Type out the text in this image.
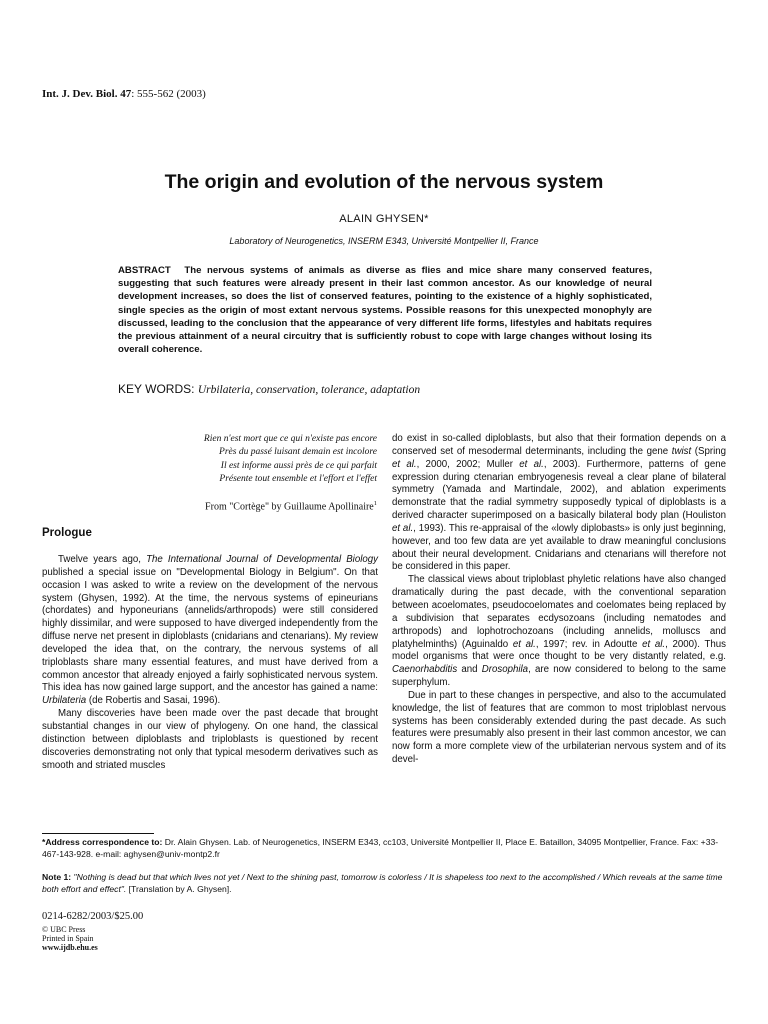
Int. J. Dev. Biol. 47: 555-562 (2003)
The origin and evolution of the nervous system
ALAIN GHYSEN*
Laboratory of Neurogenetics, INSERM E343, Université Montpellier II, France
ABSTRACT The nervous systems of animals as diverse as flies and mice share many conserved features, suggesting that such features were already present in their last common ancestor. As our knowledge of neural development increases, so does the list of conserved features, pointing to the existence of a highly sophisticated, single species as the origin of most extant nervous systems. Possible reasons for this unexpected monophyly are discussed, leading to the conclusion that the appearance of very different life forms, lifestyles and habitats requires the previous attainment of a neural circuitry that is sufficiently robust to cope with large changes without losing its overall coherence.
KEY WORDS: Urbilateria, conservation, tolerance, adaptation
Rien n'est mort que ce qui n'existe pas encore
Près du passé luisant demain est incolore
Il est informe aussi près de ce qui parfait
Présente tout ensemble et l'effort et l'effet
From "Cortège" by Guillaume Apollinaire$^1$
Prologue

Twelve years ago, The International Journal of Developmental Biology published a special issue on "Developmental Biology in Belgium". On that occasion I was asked to write a review on the development of the nervous system (Ghysen, 1992). At the time, the nervous systems of epineurians (chordates) and hyponeurians (annelids/arthropods) were still considered highly dissimilar, and were supposed to have diverged independently from the diffuse nerve net present in diploblasts (cnidarians and ctenarians). My review developed the idea that, on the contrary, the nervous systems of all triploblasts share many essential features, and must have derived from a common ancestor that already enjoyed a fairly sophisticated nervous system. This idea has now gained large support, and the ancestor has gained a name: Urbilateria (de Robertis and Sasai, 1996).

Many discoveries have been made over the past decade that brought substantial changes in our view of phylogeny. On one hand, the classical distinction between diploblasts and triploblasts is questioned by recent discoveries demonstrating not only that typical mesoderm derivatives such as smooth and striated muscles

do exist in so-called diploblasts, but also that their formation depends on a conserved set of mesodermal determinants, including the gene twist (Spring et al., 2000, 2002; Muller et al., 2003). Furthermore, patterns of gene expression during ctenarian embryogenesis reveal a clear plane of bilateral symmetry (Yamada and Martindale, 2002), and ablation experiments demonstrate that the radial symmetry supposedly typical of diploblasts is a derived character superimposed on a basically bilateral body plan (Houliston et al., 1993). This re-appraisal of the «lowly diplobasts» is only just beginning, however, and too few data are yet available to draw meaningful conclusions about their neural development. Cnidarians and ctenarians will therefore not be considered in this paper.

The classical views about triploblast phyletic relations have also changed dramatically during the past decade, with the conventional separation between acoelomates, pseudocoelomates and coelomates being replaced by a subdivision that separates ecdysozoans (including nematodes and arthropods) and lophotrochozoans (including annelids, molluscs and platyhelminths) (Aguinaldo et al., 1997; rev. in Adoutte et al., 2000). Thus model organisms that were once thought to be very distantly related, e.g. Caenorhabditis and Drosophila, are now considered to belong to the same superphylum.

Due in part to these changes in perspective, and also to the accumulated knowledge, the list of features that are common to most triploblast nervous systems has been considerably extended during the past decade. As such features were presumably also present in their last common ancestor, we can now form a more complete view of the urbilaterian nervous system and of its devel-

*Address correspondence to: Dr. Alain Ghysen. Lab. of Neurogenetics, INSERM E343, cc103, Université Montpellier II, Place E. Bataillon, 34095 Montpellier, France. Fax: +33-467-143-928. e-mail: aghysen@univ-montp2.fr
Note 1: "Nothing is dead but that which lives not yet / Next to the shining past, tomorrow is colorless / It is shapeless too next to the accomplished / Which reveals at the same time both effort and effect". [Translation by A. Ghysen].
0214-6282/2003/$25.00
© UBC Press
Printed in Spain
www.ijdb.ehu.es
